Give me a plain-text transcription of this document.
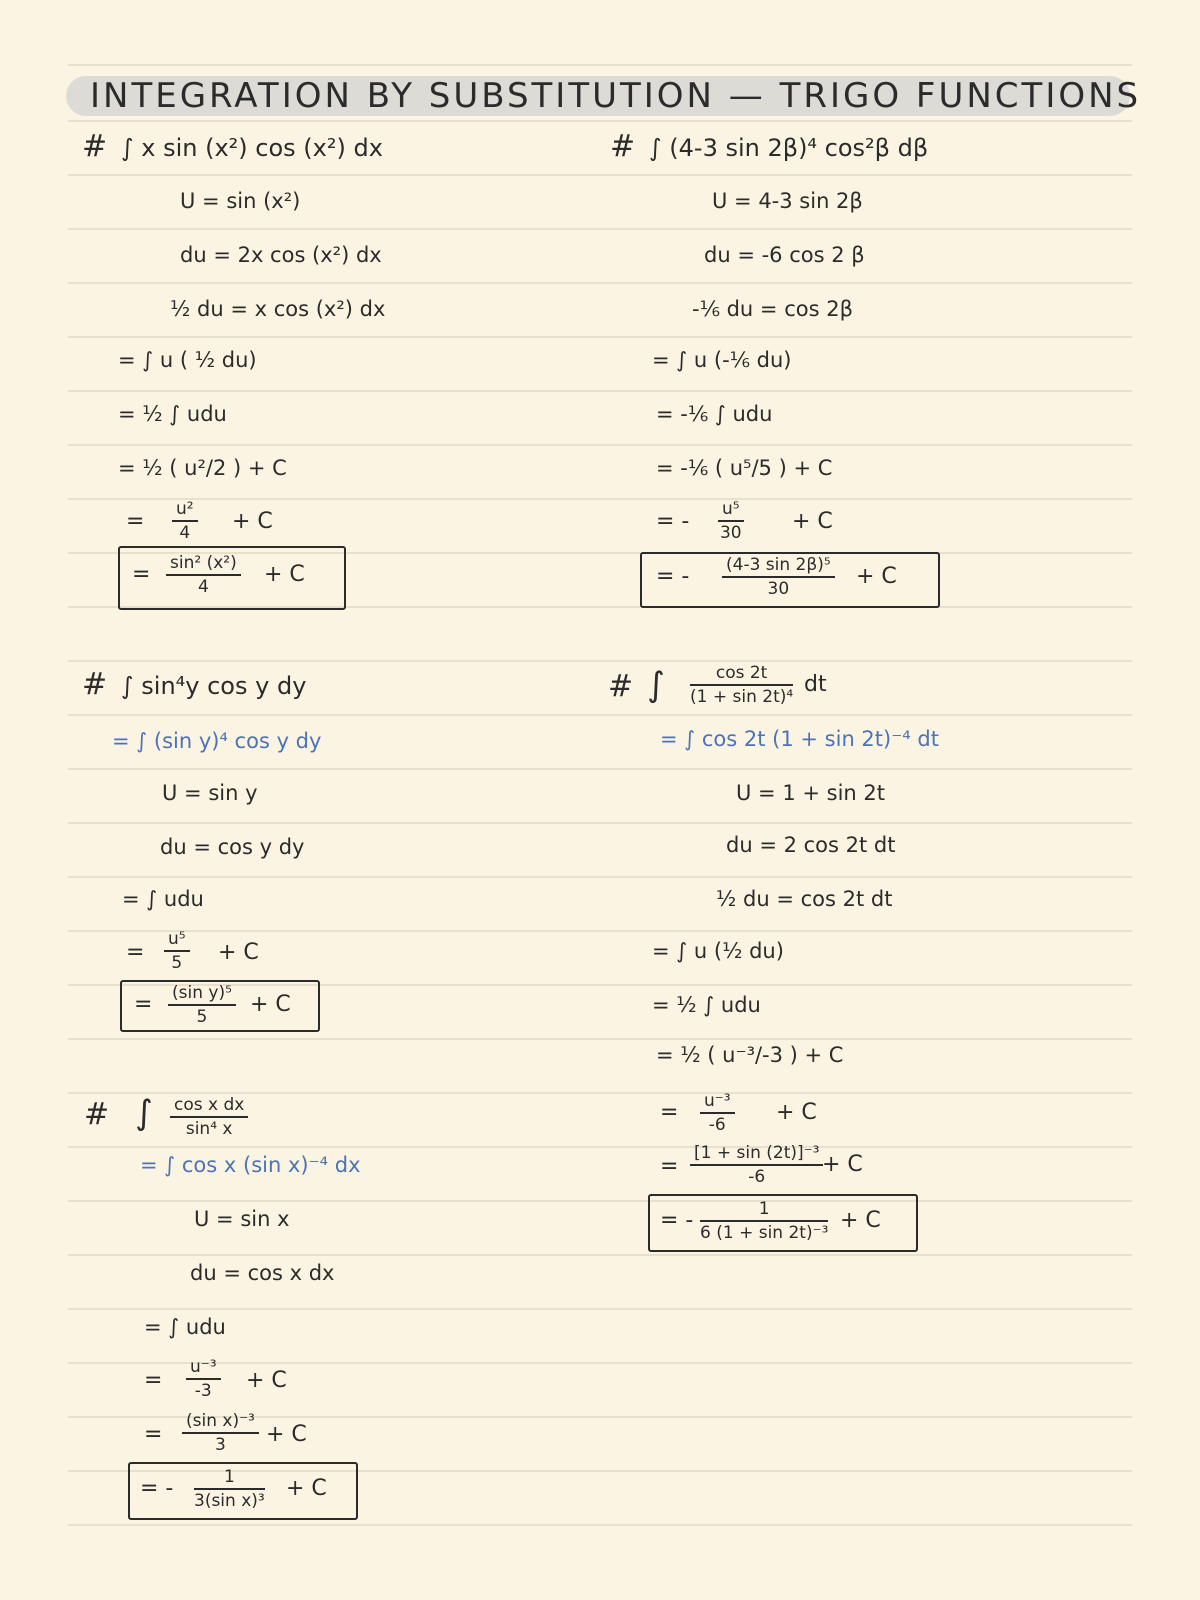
INTEGRATION BY SUBSTITUTION — TRIGO FUNCTIONS
# ∫ x sin (x²) cos (x²) dx
U = sin (x²)
du = 2x cos (x²) dx
½ du = x cos (x²) dx
= ∫ u ( ½ du)
= ½ ∫ udu
= ½ ( u²/2 ) + C
= $\frac{\text{u²}}{4} + C$
= $\frac{\text{sin² (x²)}}{4} + C$
# ∫ (4-3 sin 2β)⁴ cos²β dβ
U = 4-3 sin 2β
du = -6 cos 2 β
-⅙ du = cos 2β
= ∫ u (-⅙ du)
= -⅙ ∫ udu
= -⅙ ( u⁵/5 ) + C
= - $\frac{\text{u⁵}}{30} + C$
= - $\frac{\text{(4-3 sin 2β)⁵}}{30} + C$
# ∫ sin⁴y cos y dy
= ∫ (sin y)⁴ cos y dy
U = sin y
du = cos y dy
= ∫ udu
= $\frac{\text{u⁵}}{5} + C$
= $\frac{\text{(sin y)⁵}}{5} + C$
# ∫ $\frac{\cos 2t}{\text{(1 + sin 2t)⁴}}$ dt
= ∫ cos 2t (1 + sin 2t)⁻⁴ dt
U = 1 + sin 2t
du = 2 cos 2t dt
½ du = cos 2t dt
= ∫ u (½ du)
= ½ ∫ udu
= ½ ( u⁻³/-3 ) + C
= $\frac{\text{u⁻³}}{-6} + C$
= $\frac{\text{[1 + sin (2t)]⁻³}}{-6}$
+ C
= - $\frac{1}{\text{6 (1 + sin 2t)⁻³}} + C$
# ∫ $\frac{\text{cos x dx}}{\text{sin⁴ x}}$
= ∫ cos x (sin x)⁻⁴ dx
U = sin x
du = cos x dx
= ∫ udu
= $\frac{\text{u⁻³}}{-3} + C$
= $\frac{\text{(sin x)⁻³}}{3} + C$
= - $\frac{1}{\text{3(sin x)³}} + C$
